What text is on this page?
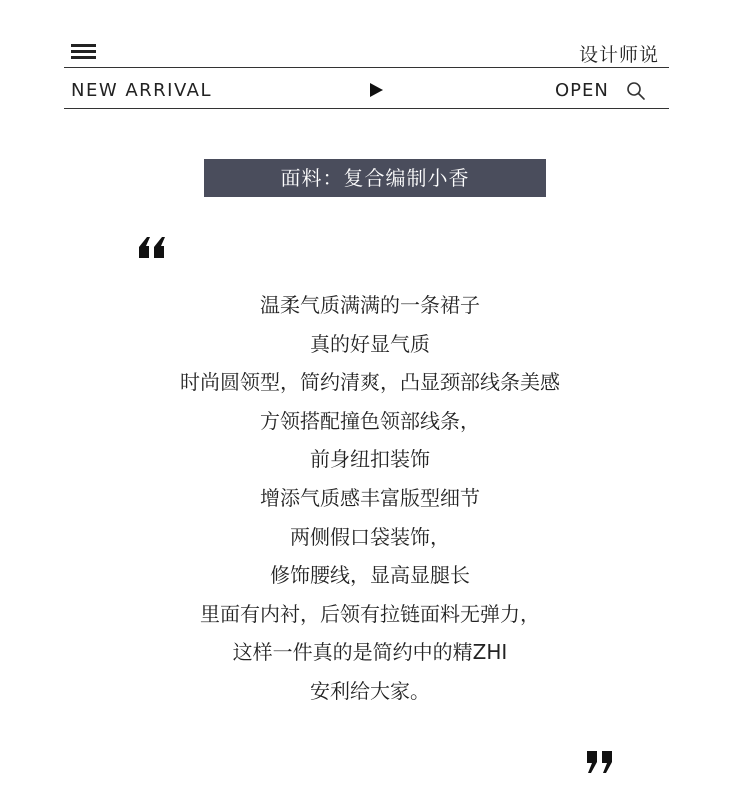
设计师说
NEW ARRIVAL	OPEN
面料：复合编制小香
温柔气质满满的一条裙子
真的好显气质
时尚圆领型，简约清爽，凸显颈部线条美感
方领搭配撞色领部线条，
前身纽扣装饰
增添气质感丰富版型细节
两侧假口袋装饰，
修饰腰线，显高显腿长
里面有内衬，后领有拉链面料无弹力，
这样一件真的是简约中的精ZHI
安利给大家。
